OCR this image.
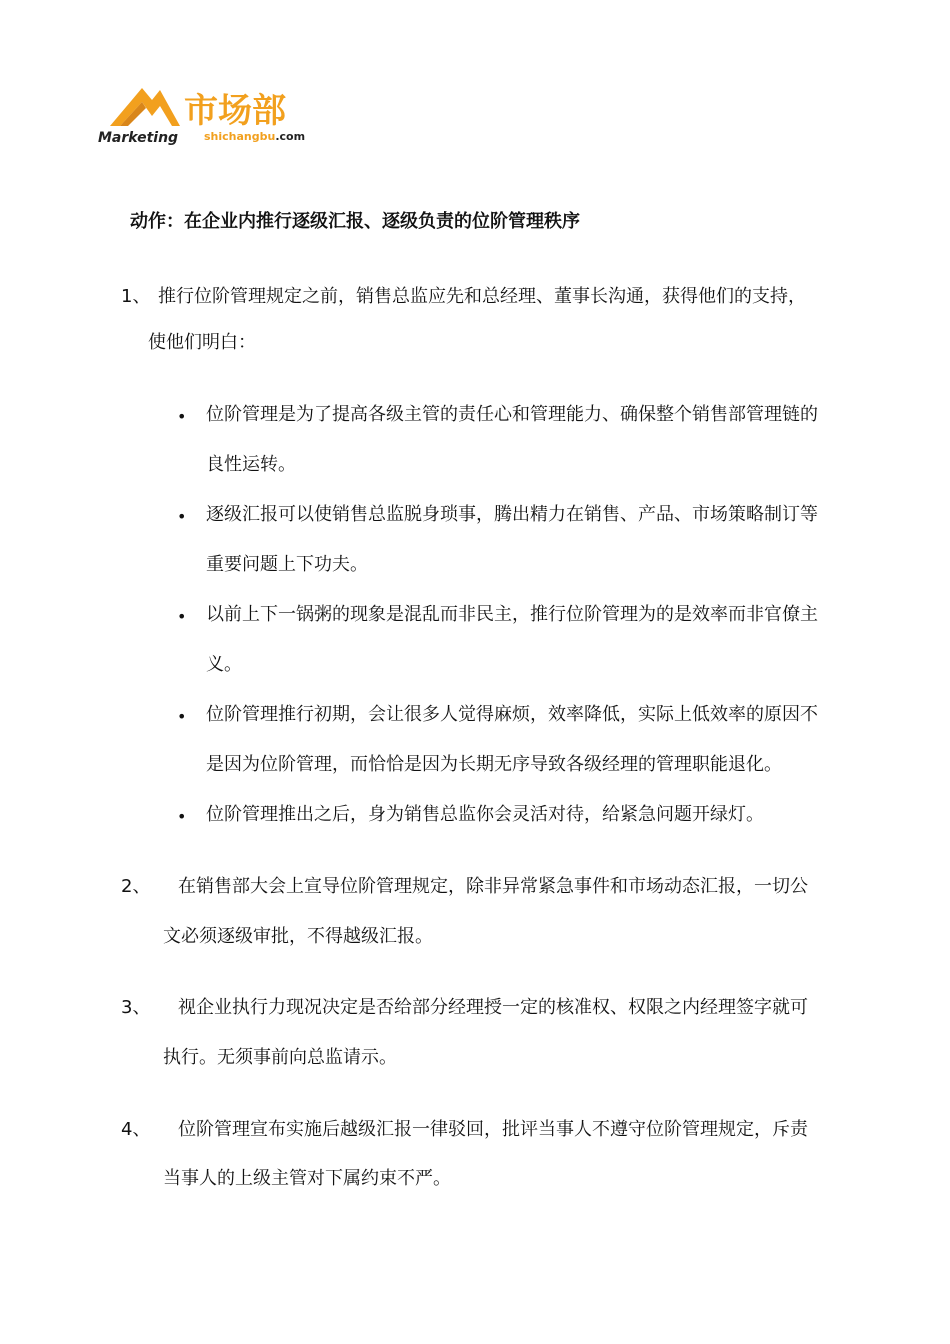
市场部
Marketing shichangbu.com
动作：在企业内推行逐级汇报、逐级负责的位阶管理秩序
1、 推行位阶管理规定之前，销售总监应先和总经理、董事长沟通，获得他们的支持，
使他们明白：
• 位阶管理是为了提高各级主管的责任心和管理能力、确保整个销售部管理链的
良性运转。
• 逐级汇报可以使销售总监脱身琐事，腾出精力在销售、产品、市场策略制订等
重要问题上下功夫。
• 以前上下一锅粥的现象是混乱而非民主，推行位阶管理为的是效率而非官僚主
义。
• 位阶管理推行初期，会让很多人觉得麻烦，效率降低，实际上低效率的原因不
是因为位阶管理，而恰恰是因为长期无序导致各级经理的管理职能退化。
• 位阶管理推出之后，身为销售总监你会灵活对待，给紧急问题开绿灯。
2、 在销售部大会上宣导位阶管理规定，除非异常紧急事件和市场动态汇报，一切公
文必须逐级审批，不得越级汇报。
3、 视企业执行力现况决定是否给部分经理授一定的核准权、权限之内经理签字就可
执行。无须事前向总监请示。
4、 位阶管理宣布实施后越级汇报一律驳回，批评当事人不遵守位阶管理规定，斥责
当事人的上级主管对下属约束不严。
